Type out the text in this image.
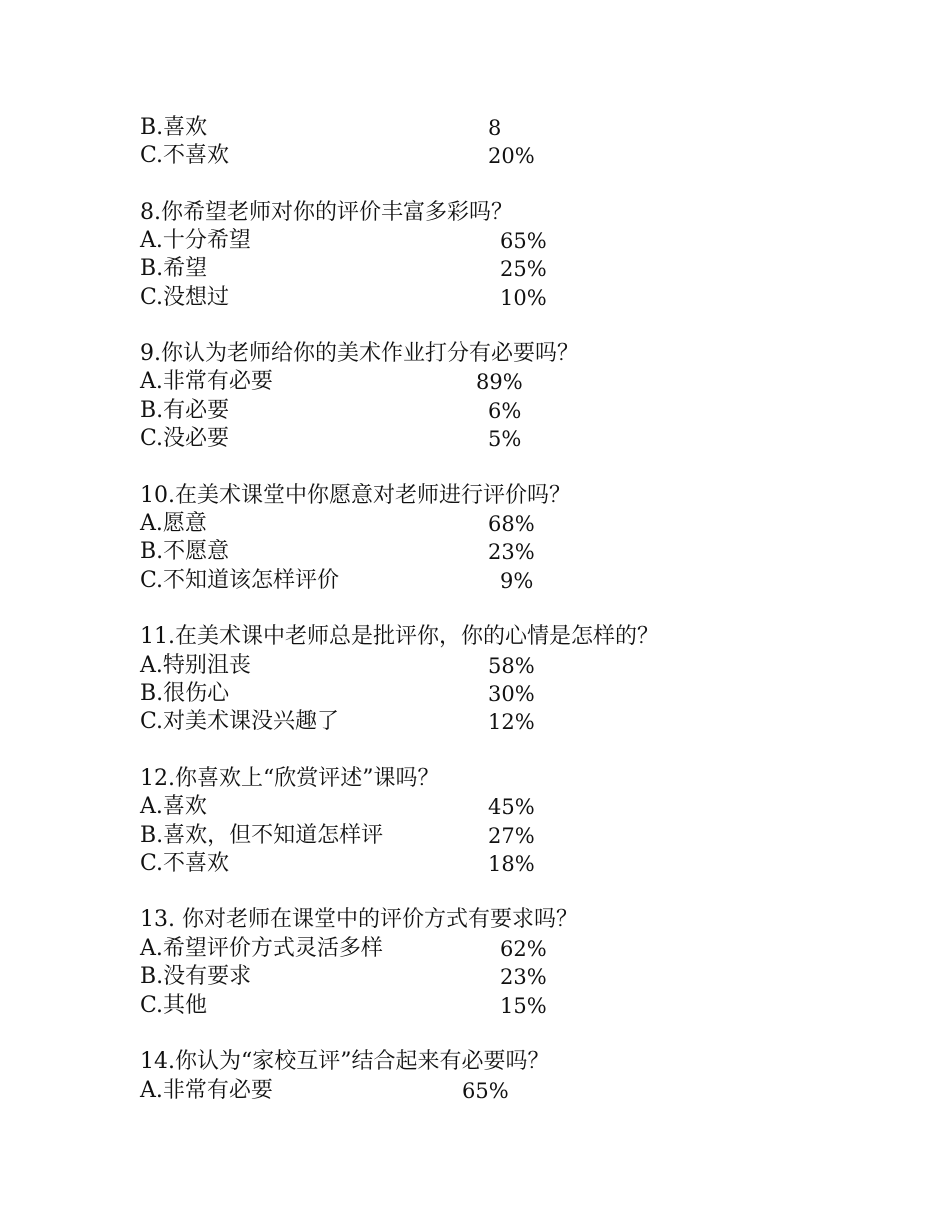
B.喜欢	8
C.不喜欢	20%
8.你希望老师对你的评价丰富多彩吗？
A.十分希望	65%
B.希望	25%
C.没想过	10%
9.你认为老师给你的美术作业打分有必要吗？
A.非常有必要	89%
B.有必要	6%
C.没必要	5%
10.在美术课堂中你愿意对老师进行评价吗？
A.愿意	68%
B.不愿意	23%
C.不知道该怎样评价	9%
11.在美术课中老师总是批评你，你的心情是怎样的？
A.特别沮丧	58%
B.很伤心	30%
C.对美术课没兴趣了	12%
12.你喜欢上“欣赏评述”课吗？
A.喜欢	45%
B.喜欢，但不知道怎样评	27%
C.不喜欢	18%
13. 你对老师在课堂中的评价方式有要求吗？
A.希望评价方式灵活多样	62%
B.没有要求	23%
C.其他	15%
14.你认为“家校互评”结合起来有必要吗？
A.非常有必要	65%
